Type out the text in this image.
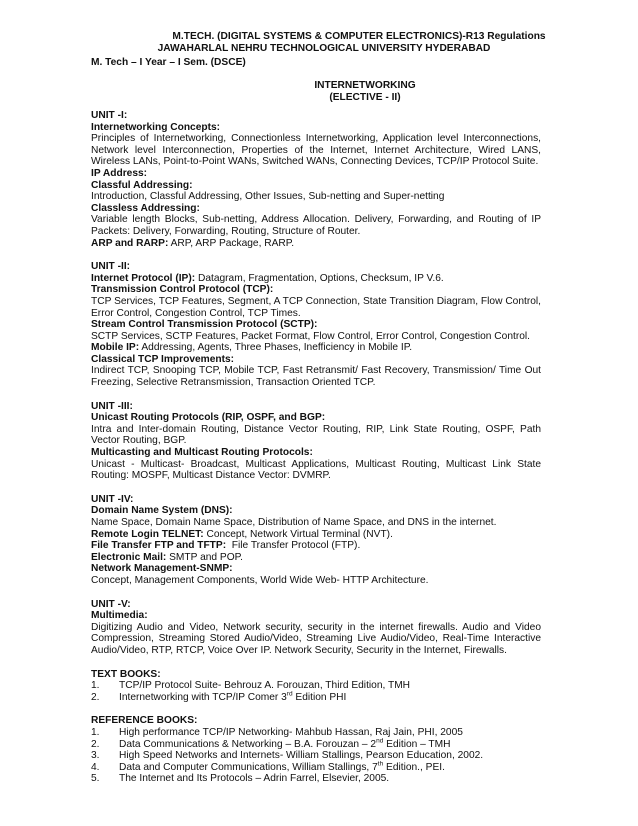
M.TECH. (DIGITAL SYSTEMS & COMPUTER ELECTRONICS)-R13 Regulations
JAWAHARLAL NEHRU TECHNOLOGICAL UNIVERSITY HYDERABAD
M. Tech – I Year – I Sem. (DSCE)
INTERNETWORKING
(ELECTIVE - II)
UNIT -I:
Internetworking Concepts:
Principles of Internetworking, Connectionless Internetworking, Application level Interconnections, Network level Interconnection, Properties of the Internet, Internet Architecture, Wired LANS, Wireless LANs, Point-to-Point WANs, Switched WANs, Connecting Devices, TCP/IP Protocol Suite.
IP Address:
Classful Addressing:
Introduction, Classful Addressing, Other Issues, Sub-netting and Super-netting
Classless Addressing:
Variable length Blocks, Sub-netting, Address Allocation. Delivery, Forwarding, and Routing of IP Packets: Delivery, Forwarding, Routing, Structure of Router.
ARP and RARP: ARP, ARP Package, RARP.
UNIT -II:
Internet Protocol (IP): Datagram, Fragmentation, Options, Checksum, IP V.6.
Transmission Control Protocol (TCP):
TCP Services, TCP Features, Segment, A TCP Connection, State Transition Diagram, Flow Control, Error Control, Congestion Control, TCP Times.
Stream Control Transmission Protocol (SCTP):
SCTP Services, SCTP Features, Packet Format, Flow Control, Error Control, Congestion Control.
Mobile IP: Addressing, Agents, Three Phases, Inefficiency in Mobile IP.
Classical TCP Improvements:
Indirect TCP, Snooping TCP, Mobile TCP, Fast Retransmit/ Fast Recovery, Transmission/ Time Out Freezing, Selective Retransmission, Transaction Oriented TCP.
UNIT -III:
Unicast Routing Protocols (RIP, OSPF, and BGP:
Intra and Inter-domain Routing, Distance Vector Routing, RIP, Link State Routing, OSPF, Path Vector Routing, BGP.
Multicasting and Multicast Routing Protocols:
Unicast - Multicast- Broadcast, Multicast Applications, Multicast Routing, Multicast Link State Routing: MOSPF, Multicast Distance Vector: DVMRP.
UNIT -IV:
Domain Name System (DNS):
Name Space, Domain Name Space, Distribution of Name Space, and DNS in the internet.
Remote Login TELNET: Concept, Network Virtual Terminal (NVT).
File Transfer FTP and TFTP:  File Transfer Protocol (FTP).
Electronic Mail: SMTP and POP.
Network Management-SNMP:
Concept, Management Components, World Wide Web- HTTP Architecture.
UNIT -V:
Multimedia:
Digitizing Audio and Video, Network security, security in the internet firewalls. Audio and Video Compression, Streaming Stored Audio/Video, Streaming Live Audio/Video, Real-Time Interactive Audio/Video, RTP, RTCP, Voice Over IP. Network Security, Security in the Internet, Firewalls.
TEXT BOOKS:
1.	TCP/IP Protocol Suite- Behrouz A. Forouzan, Third Edition, TMH
2.	Internetworking with TCP/IP Comer 3rd Edition PHI
REFERENCE BOOKS:
1.	High performance TCP/IP Networking- Mahbub Hassan, Raj Jain, PHI, 2005
2.	Data Communications & Networking – B.A. Forouzan – 2nd Edition – TMH
3.	High Speed Networks and Internets- William Stallings, Pearson Education, 2002.
4.	Data and Computer Communications, William Stallings, 7th Edition., PEI.
5.	The Internet and Its Protocols – Adrin Farrel, Elsevier, 2005.
